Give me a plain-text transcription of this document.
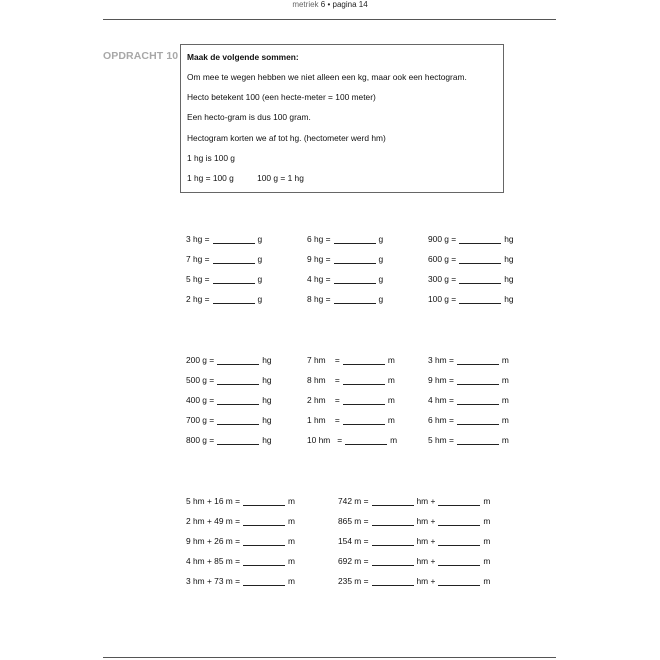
metriek 6 • pagina 14
OPDRACHT 10 Maak de volgende sommen:
Om mee te wegen hebben we niet alleen een kg, maar ook een hectogram.
Hecto betekent 100 (een hecte-meter = 100 meter)
Een hecto-gram is dus 100 gram.
Hectogram korten we af tot hg. (hectometer werd hm)
1 hg is 100 g
1 hg = 100 g          100 g = 1 hg
3 hg =	g	6 hg =	g	900 g =	hg
7 hg =	g	9 hg =	g	600 g =	hg
5 hg =	g	4 hg =	g	300 g =	hg
2 hg =	g	8 hg =	g	100 g =	hg
200 g =	hg	7 hm    =	m	3 hm =	m
500 g =	hg	8 hm    =	m	9 hm =	m
400 g =	hg	2 hm    =	m	4 hm =	m
700 g =	hg	1 hm    =	m	6 hm =	m
800 g =	hg	10 hm   =	m	5 hm =	m
5 hm + 16 m =	m	742 m =	hm +	m
2 hm + 49 m =	m	865 m =	hm +	m
9 hm + 26 m =	m	154 m =	hm +	m
4 hm + 85 m =	m	692 m =	hm +	m
3 hm + 73 m =	m	235 m =	hm +	m
